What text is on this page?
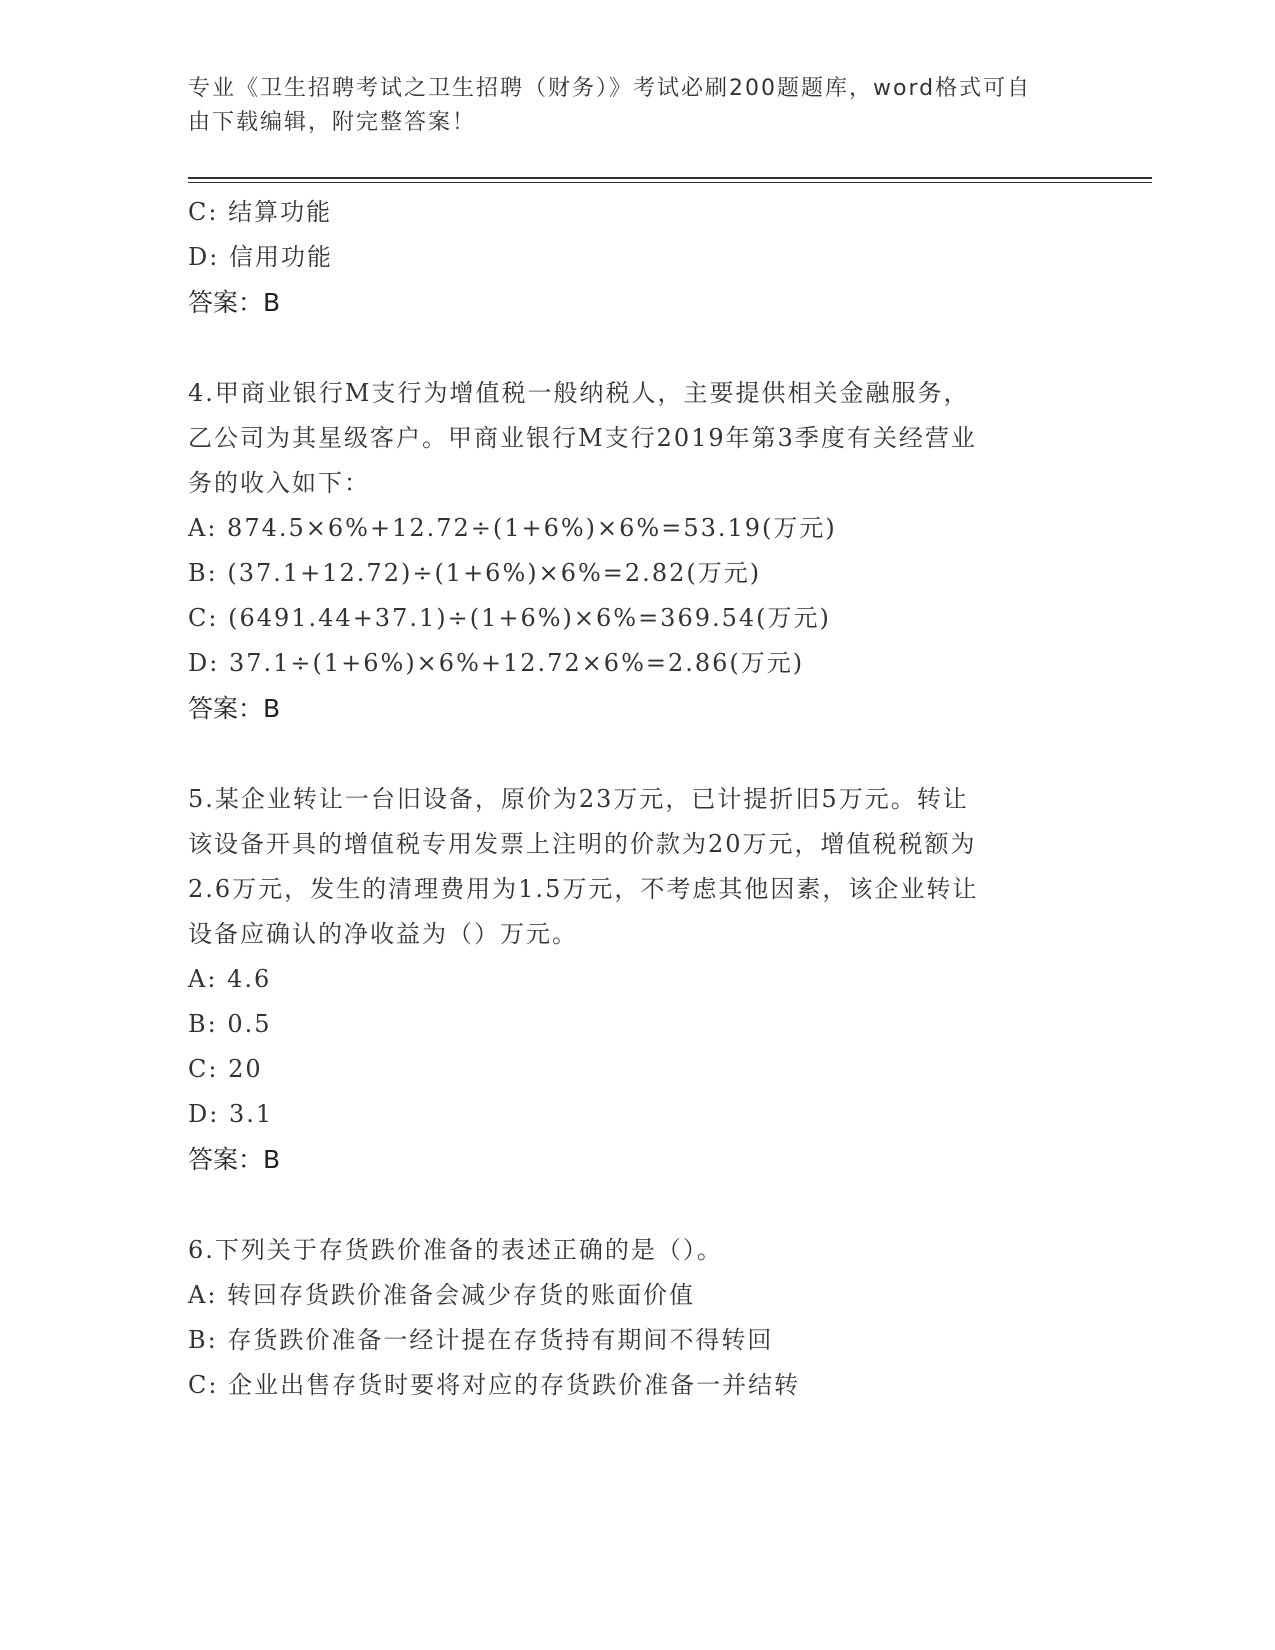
专业《卫生招聘考试之卫生招聘（财务）》考试必刷200题题库，word格式可自
由下载编辑，附完整答案！
C: 结算功能
D: 信用功能
答案：B
4.甲商业银行M支行为增值税一般纳税人，主要提供相关金融服务，
乙公司为其星级客户。甲商业银行M支行2019年第3季度有关经营业
务的收入如下：
A: 874.5×6%+12.72÷(1+6%)×6%=53.19(万元)
B: (37.1+12.72)÷(1+6%)×6%=2.82(万元)
C: (6491.44+37.1)÷(1+6%)×6%=369.54(万元)
D: 37.1÷(1+6%)×6%+12.72×6%=2.86(万元)
答案：B
5.某企业转让一台旧设备，原价为23万元，已计提折旧5万元。转让
该设备开具的增值税专用发票上注明的价款为20万元，增值税税额为
2.6万元，发生的清理费用为1.5万元，不考虑其他因素，该企业转让
设备应确认的净收益为（）万元。
A: 4.6
B: 0.5
C: 20
D: 3.1
答案：B
6.下列关于存货跌价准备的表述正确的是（）。
A: 转回存货跌价准备会减少存货的账面价值
B: 存货跌价准备一经计提在存货持有期间不得转回
C: 企业出售存货时要将对应的存货跌价准备一并结转
